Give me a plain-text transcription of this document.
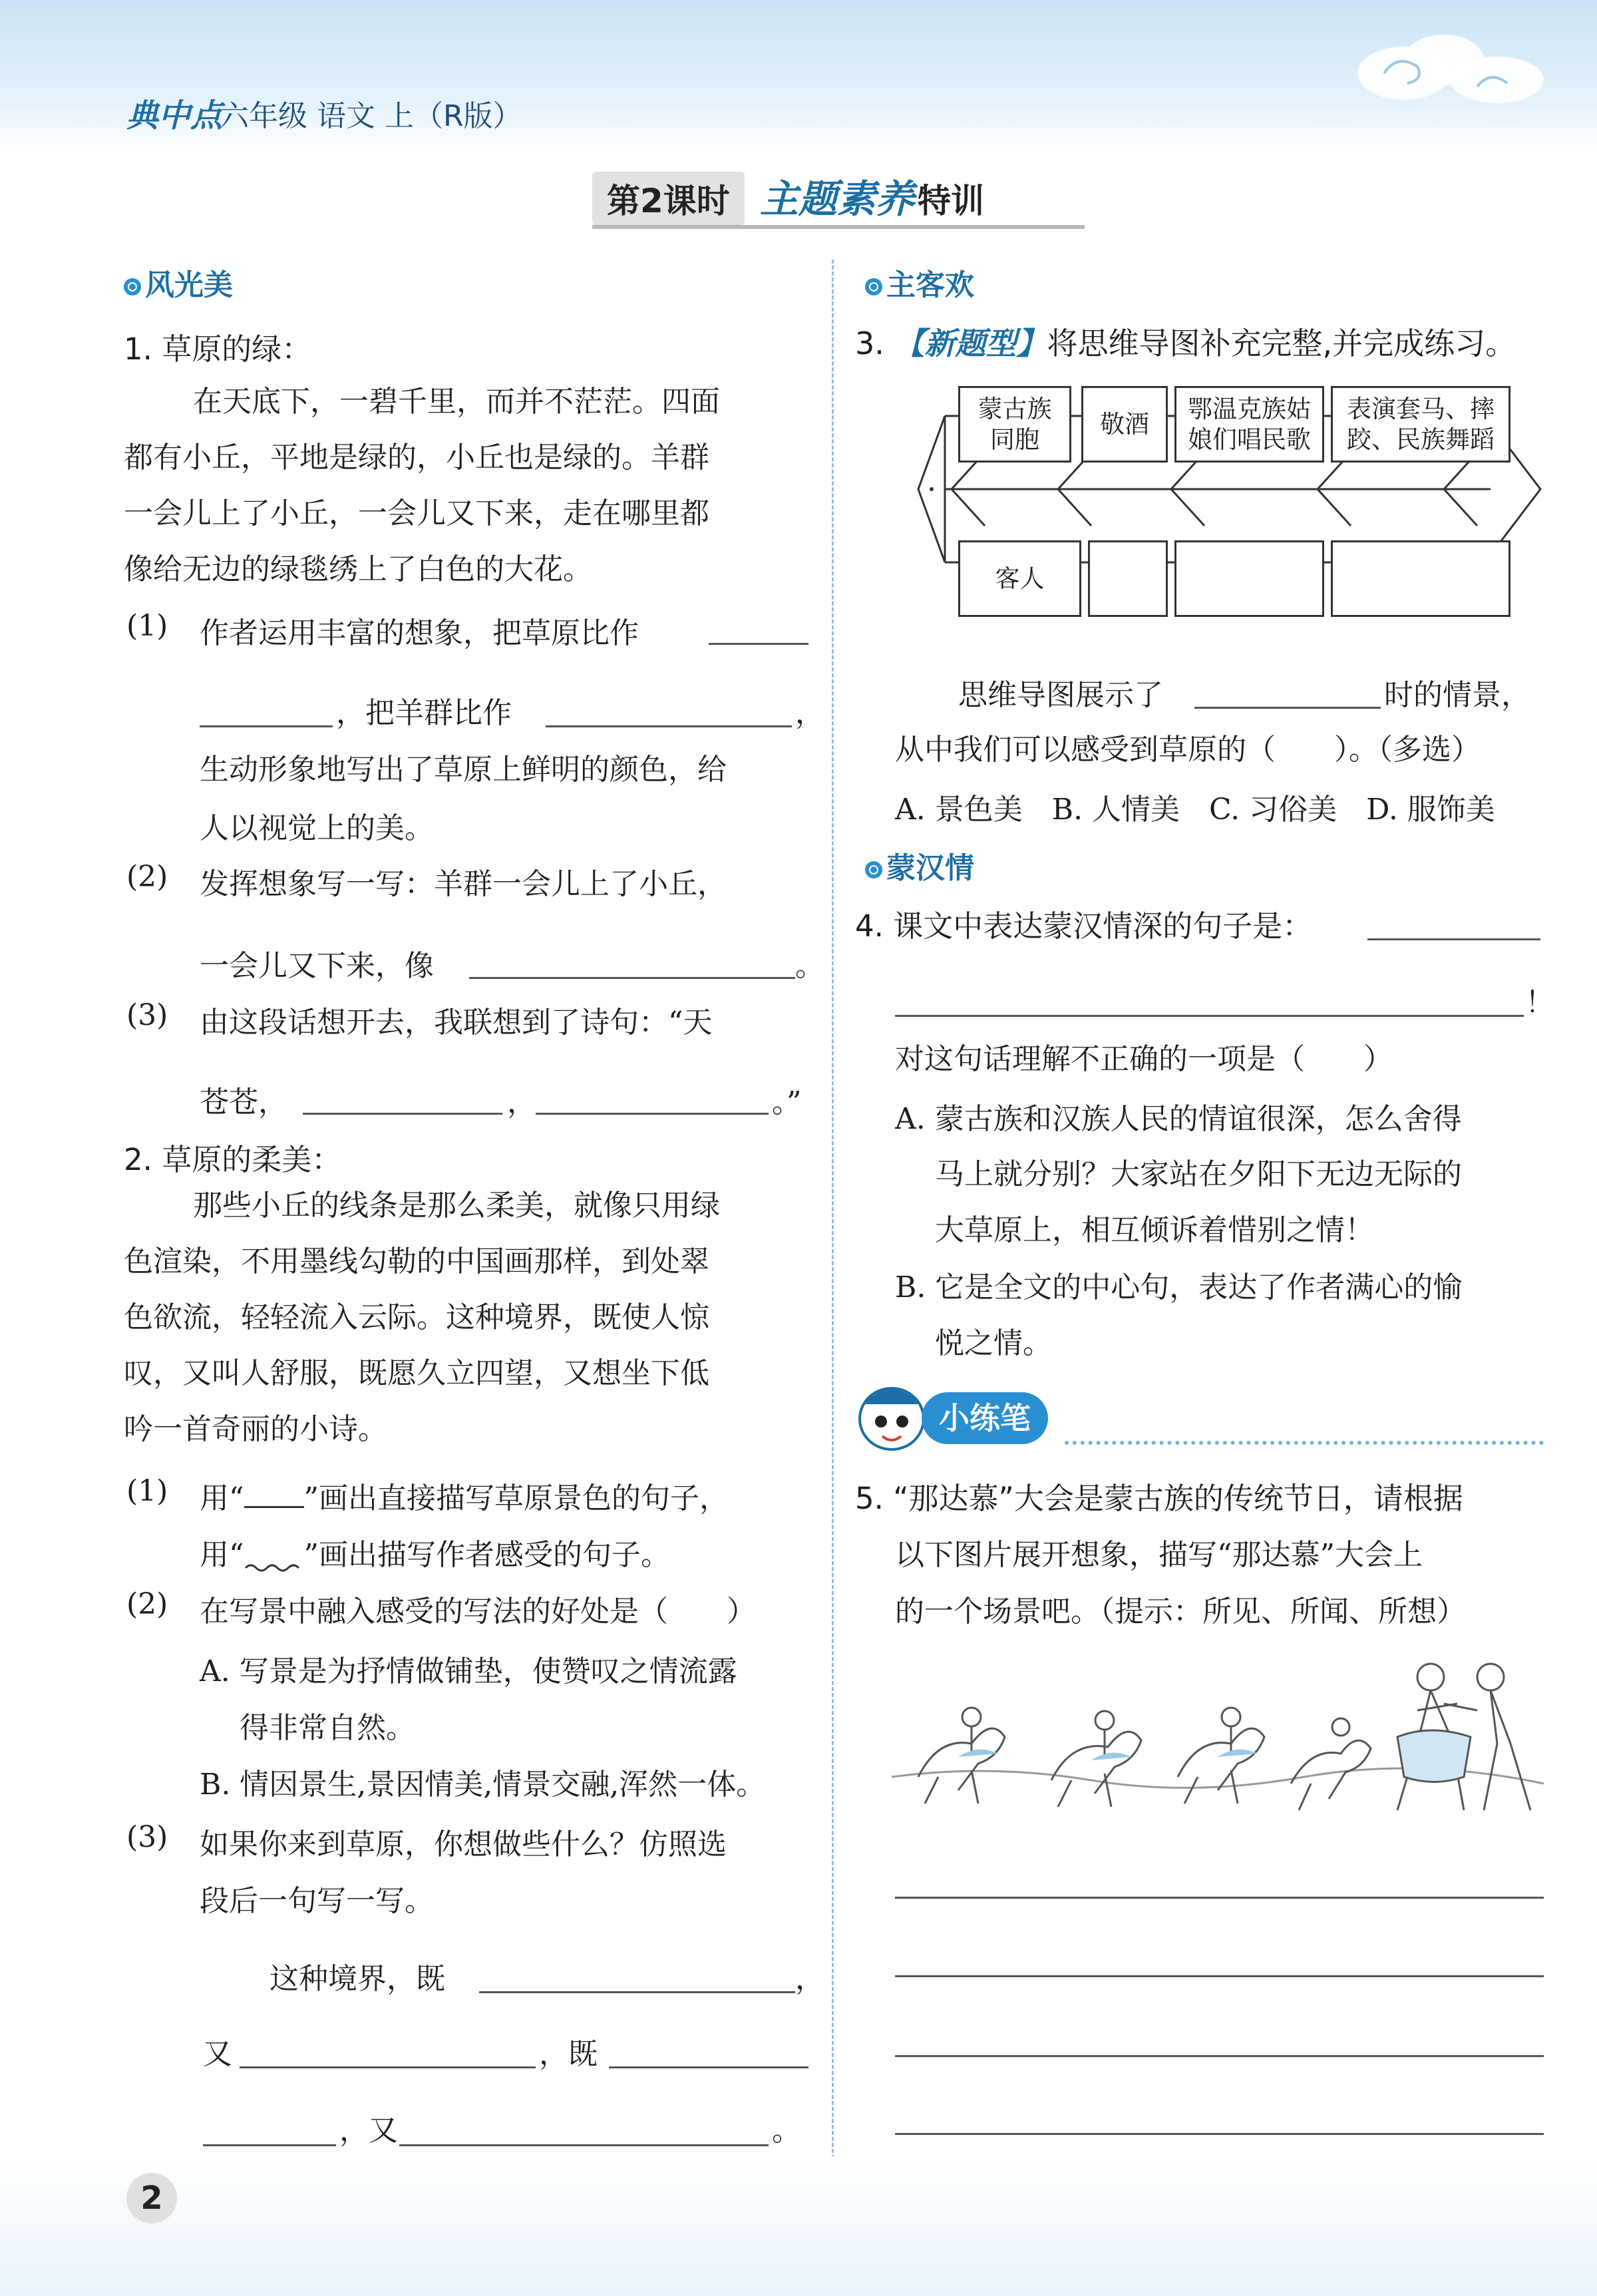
典中点
六年级 语文 上（R版）
第2课时 主题素养 特训
风光美
1. 草原的绿：
在天底下，一碧千里，而并不茫茫。四面
都有小丘，平地是绿的，小丘也是绿的。羊群
一会儿上了小丘，一会儿又下来，走在哪里都
像给无边的绿毯绣上了白色的大花。
(1) 作者运用丰富的想象，把草原比作
，把羊群比作	，
生动形象地写出了草原上鲜明的颜色，给
人以视觉上的美。
(2) 发挥想象写一写：羊群一会儿上了小丘，
一会儿又下来，像	。
(3) 由这段话想开去，我联想到了诗句：“天
苍苍，	，	。”
2. 草原的柔美：
那些小丘的线条是那么柔美，就像只用绿
色渲染，不用墨线勾勒的中国画那样，到处翠
色欲流，轻轻流入云际。这种境界，既使人惊
叹，又叫人舒服，既愿久立四望，又想坐下低
吟一首奇丽的小诗。
(1) 用“ ”画出直接描写草原景色的句子，
用“ ”画出描写作者感受的句子。
(2) 在写景中融入感受的写法的好处是（　　）
A. 写景是为抒情做铺垫，使赞叹之情流露
得非常自然。
B. 情因景生,景因情美,情景交融,浑然一体。
(3) 如果你来到草原，你想做些什么？仿照选
段后一句写一写。
这种境界，既	，
又	，既
，又	。
主客欢
3. 【新题型】将思维导图补充完整,并完成练习。
蒙古族
同胞
敬酒
鄂温克族姑
娘们唱民歌
表演套马、摔
跤、民族舞蹈
客人
思维导图展示了	时的情景，
从中我们可以感受到草原的（　　）。（多选）
A. 景色美　B. 人情美　C. 习俗美　D. 服饰美
蒙汉情
4. 课文中表达蒙汉情深的句子是：
！
对这句话理解不正确的一项是（　　）
A. 蒙古族和汉族人民的情谊很深，怎么舍得
马上就分别？大家站在夕阳下无边无际的
大草原上，相互倾诉着惜别之情！
B. 它是全文的中心句，表达了作者满心的愉
悦之情。
小练笔
5. “那达慕”大会是蒙古族的传统节日，请根据
以下图片展开想象，描写“那达慕”大会上
的一个场景吧。（提示：所见、所闻、所想）
2
